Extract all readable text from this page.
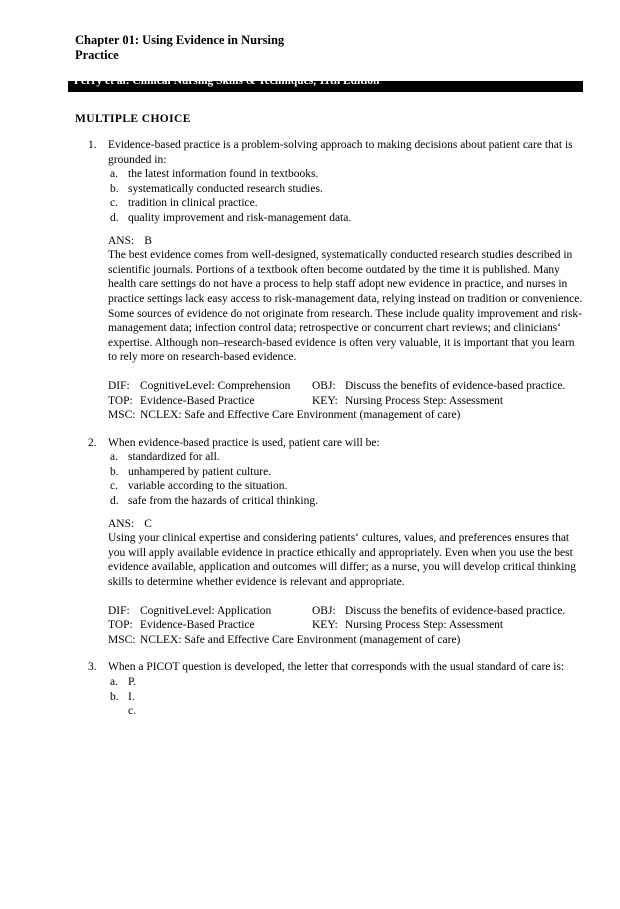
Chapter 01: Using Evidence in Nursing Practice
Perry et al: Clinical Nursing Skills & Techniques, 11th Edition
MULTIPLE CHOICE
1. Evidence-based practice is a problem-solving approach to making decisions about patient care that is grounded in:
a. the latest information found in textbooks.
b. systematically conducted research studies.
c. tradition in clinical practice.
d. quality improvement and risk-management data.
ANS: B
The best evidence comes from well-designed, systematically conducted research studies described in scientific journals. Portions of a textbook often become outdated by the time it is published. Many health care settings do not have a process to help staff adopt new evidence in practice, and nurses in practice settings lack easy access to risk-management data, relying instead on tradition or convenience. Some sources of evidence do not originate from research. These include quality improvement and risk-management data; infection control data; retrospective or concurrent chart reviews; and clinicians‘ expertise. Although non–research-based evidence is often very valuable, it is important that you learn to rely more on research-based evidence.
DIF: CognitiveLevel: Comprehension	OBJ: Discuss the benefits of evidence-based practice.
TOP: Evidence-Based Practice	KEY: Nursing Process Step: Assessment
MSC: NCLEX: Safe and Effective Care Environment (management of care)
2. When evidence-based practice is used, patient care will be:
a. standardized for all.
b. unhampered by patient culture.
c. variable according to the situation.
d. safe from the hazards of critical thinking.
ANS: C
Using your clinical expertise and considering patients‘ cultures, values, and preferences ensures that you will apply available evidence in practice ethically and appropriately. Even when you use the best evidence available, application and outcomes will differ; as a nurse, you will develop critical thinking skills to determine whether evidence is relevant and appropriate.
DIF: CognitiveLevel: Application	OBJ: Discuss the benefits of evidence-based practice.
TOP: Evidence-Based Practice	KEY: Nursing Process Step: Assessment
MSC: NCLEX: Safe and Effective Care Environment (management of care)
3. When a PICOT question is developed, the letter that corresponds with the usual standard of care is:
a. P.
b. I.
c.
